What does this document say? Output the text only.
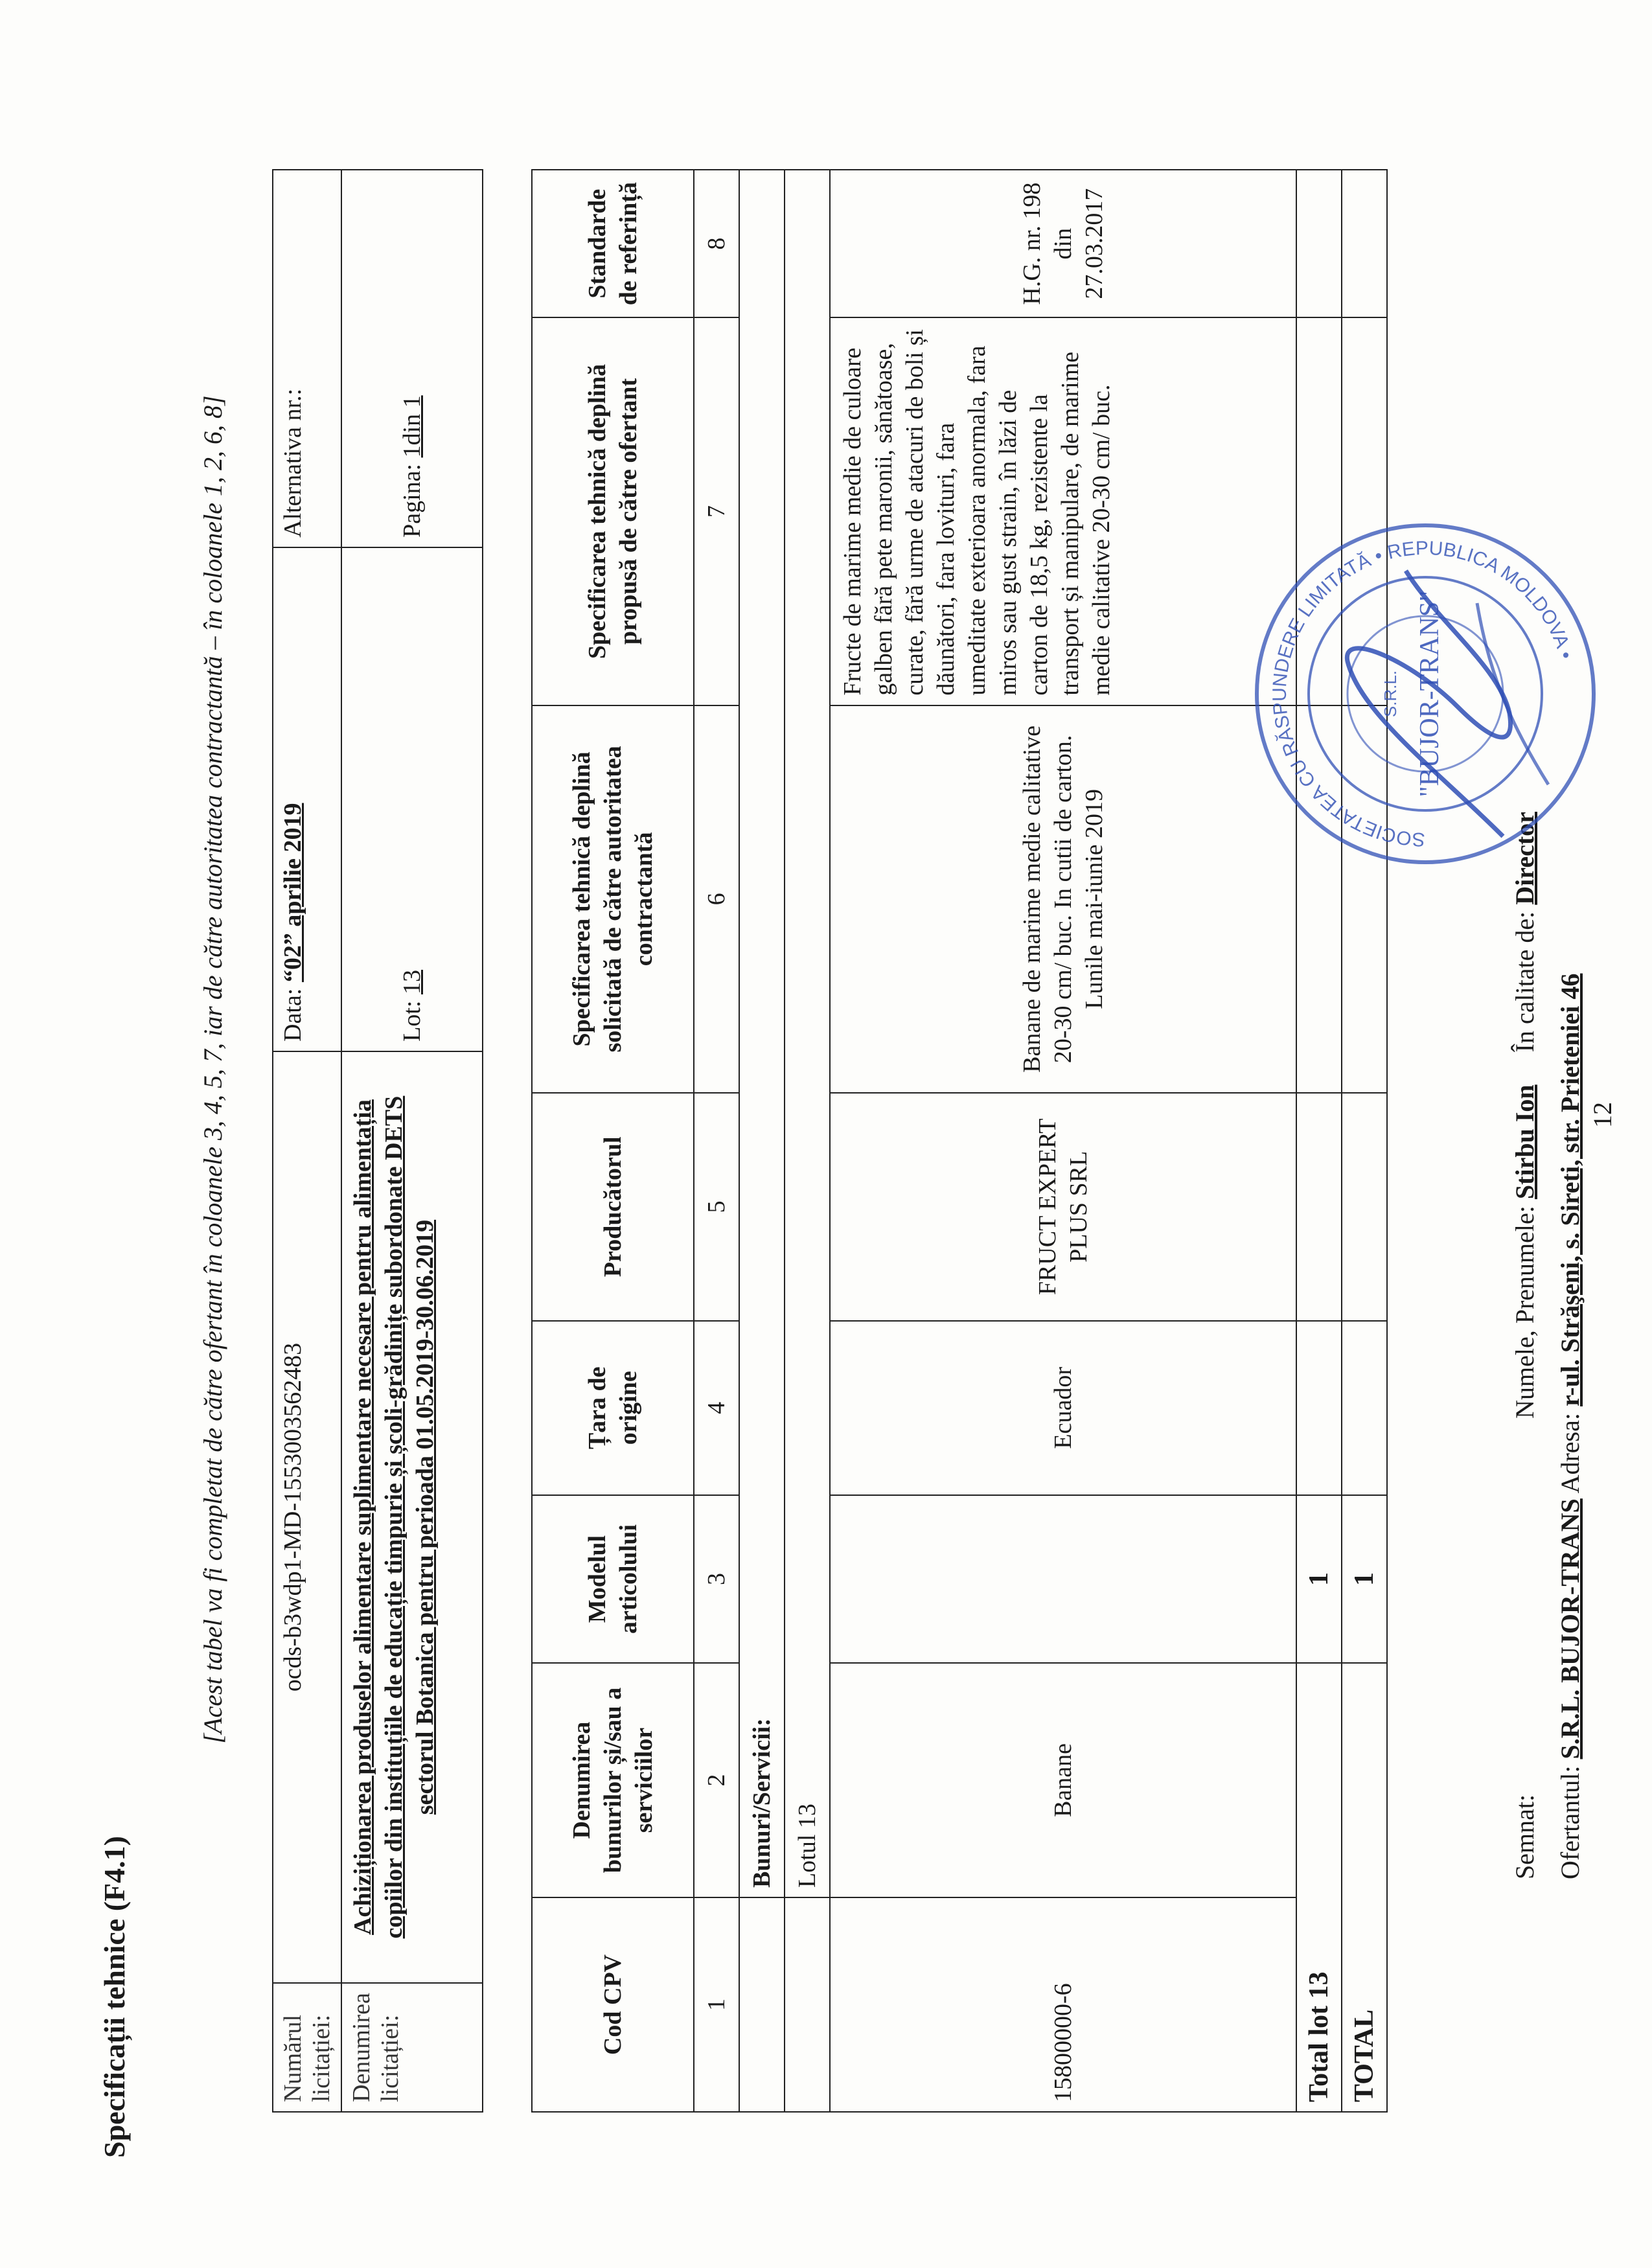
Specificații tehnice (F4.1)
[Acest tabel va fi completat de către ofertant în coloanele 3, 4, 5, 7, iar de către autoritatea contractantă – în coloanele 1, 2, 6, 8]
Numărul licitației:	ocds-b3wdp1-MD-1553003562483	Data: “02” aprilie 2019	Alternativa nr.:
Denumirea licitației:	Achiziționarea produselor alimentare suplimentare necesare pentru alimentația copiilor din instituțiile de educație timpurie și școli-grădinițe subordonate DETS sectorul Botanica pentru perioada 01.05.2019-30.06.2019	Lot: 13	Pagina: 1din 1
Cod CPV	Denumirea bunurilor și/sau a serviciilor	Modelul articolului	Țara de origine	Producătorul	Specificarea tehnică deplină solicitată de către autoritatea contractantă	Specificarea tehnică deplină propusă de către ofertant	Standarde de referință
1	2	3	4	5	6	7	8
	Bunuri/Servicii:						
	Lotul 13						
15800000-6	Banane		Ecuador	FRUCT EXPERT PLUS SRL	Banane de marime medie calitative 20-30 cm/ buc. In cutii de carton. Lunile mai-iunie 2019	Fructe de marime medie de culoare galben fără pete maronii, sănătoase, curate, fără urme de atacuri de boli și dăunători, fara lovituri, fara umeditate exterioara anormala, fara miros sau gust strain, în lăzi de carton de 18,5 kg, rezistente la transport și manipulare, de marime medie calitative 20-30 cm/ buc.	H.G. nr. 198 din 27.03.2017
Total lot 13		1					
TOTAL		1					
Semnat:  Numele, Prenumele: Stirbu Ion  În calitate de: Director
Ofertantul: S.R.L. BUJOR-TRANS Adresa: r-ul. Străşeni, s. Sireti, str. Prieteniei 46 12
SOCIETATEA CU RĂSPUNDERE LIMITATĂ • REPUBLICA MOLDOVA •
S.R.L. "BUJOR-TRANS"
